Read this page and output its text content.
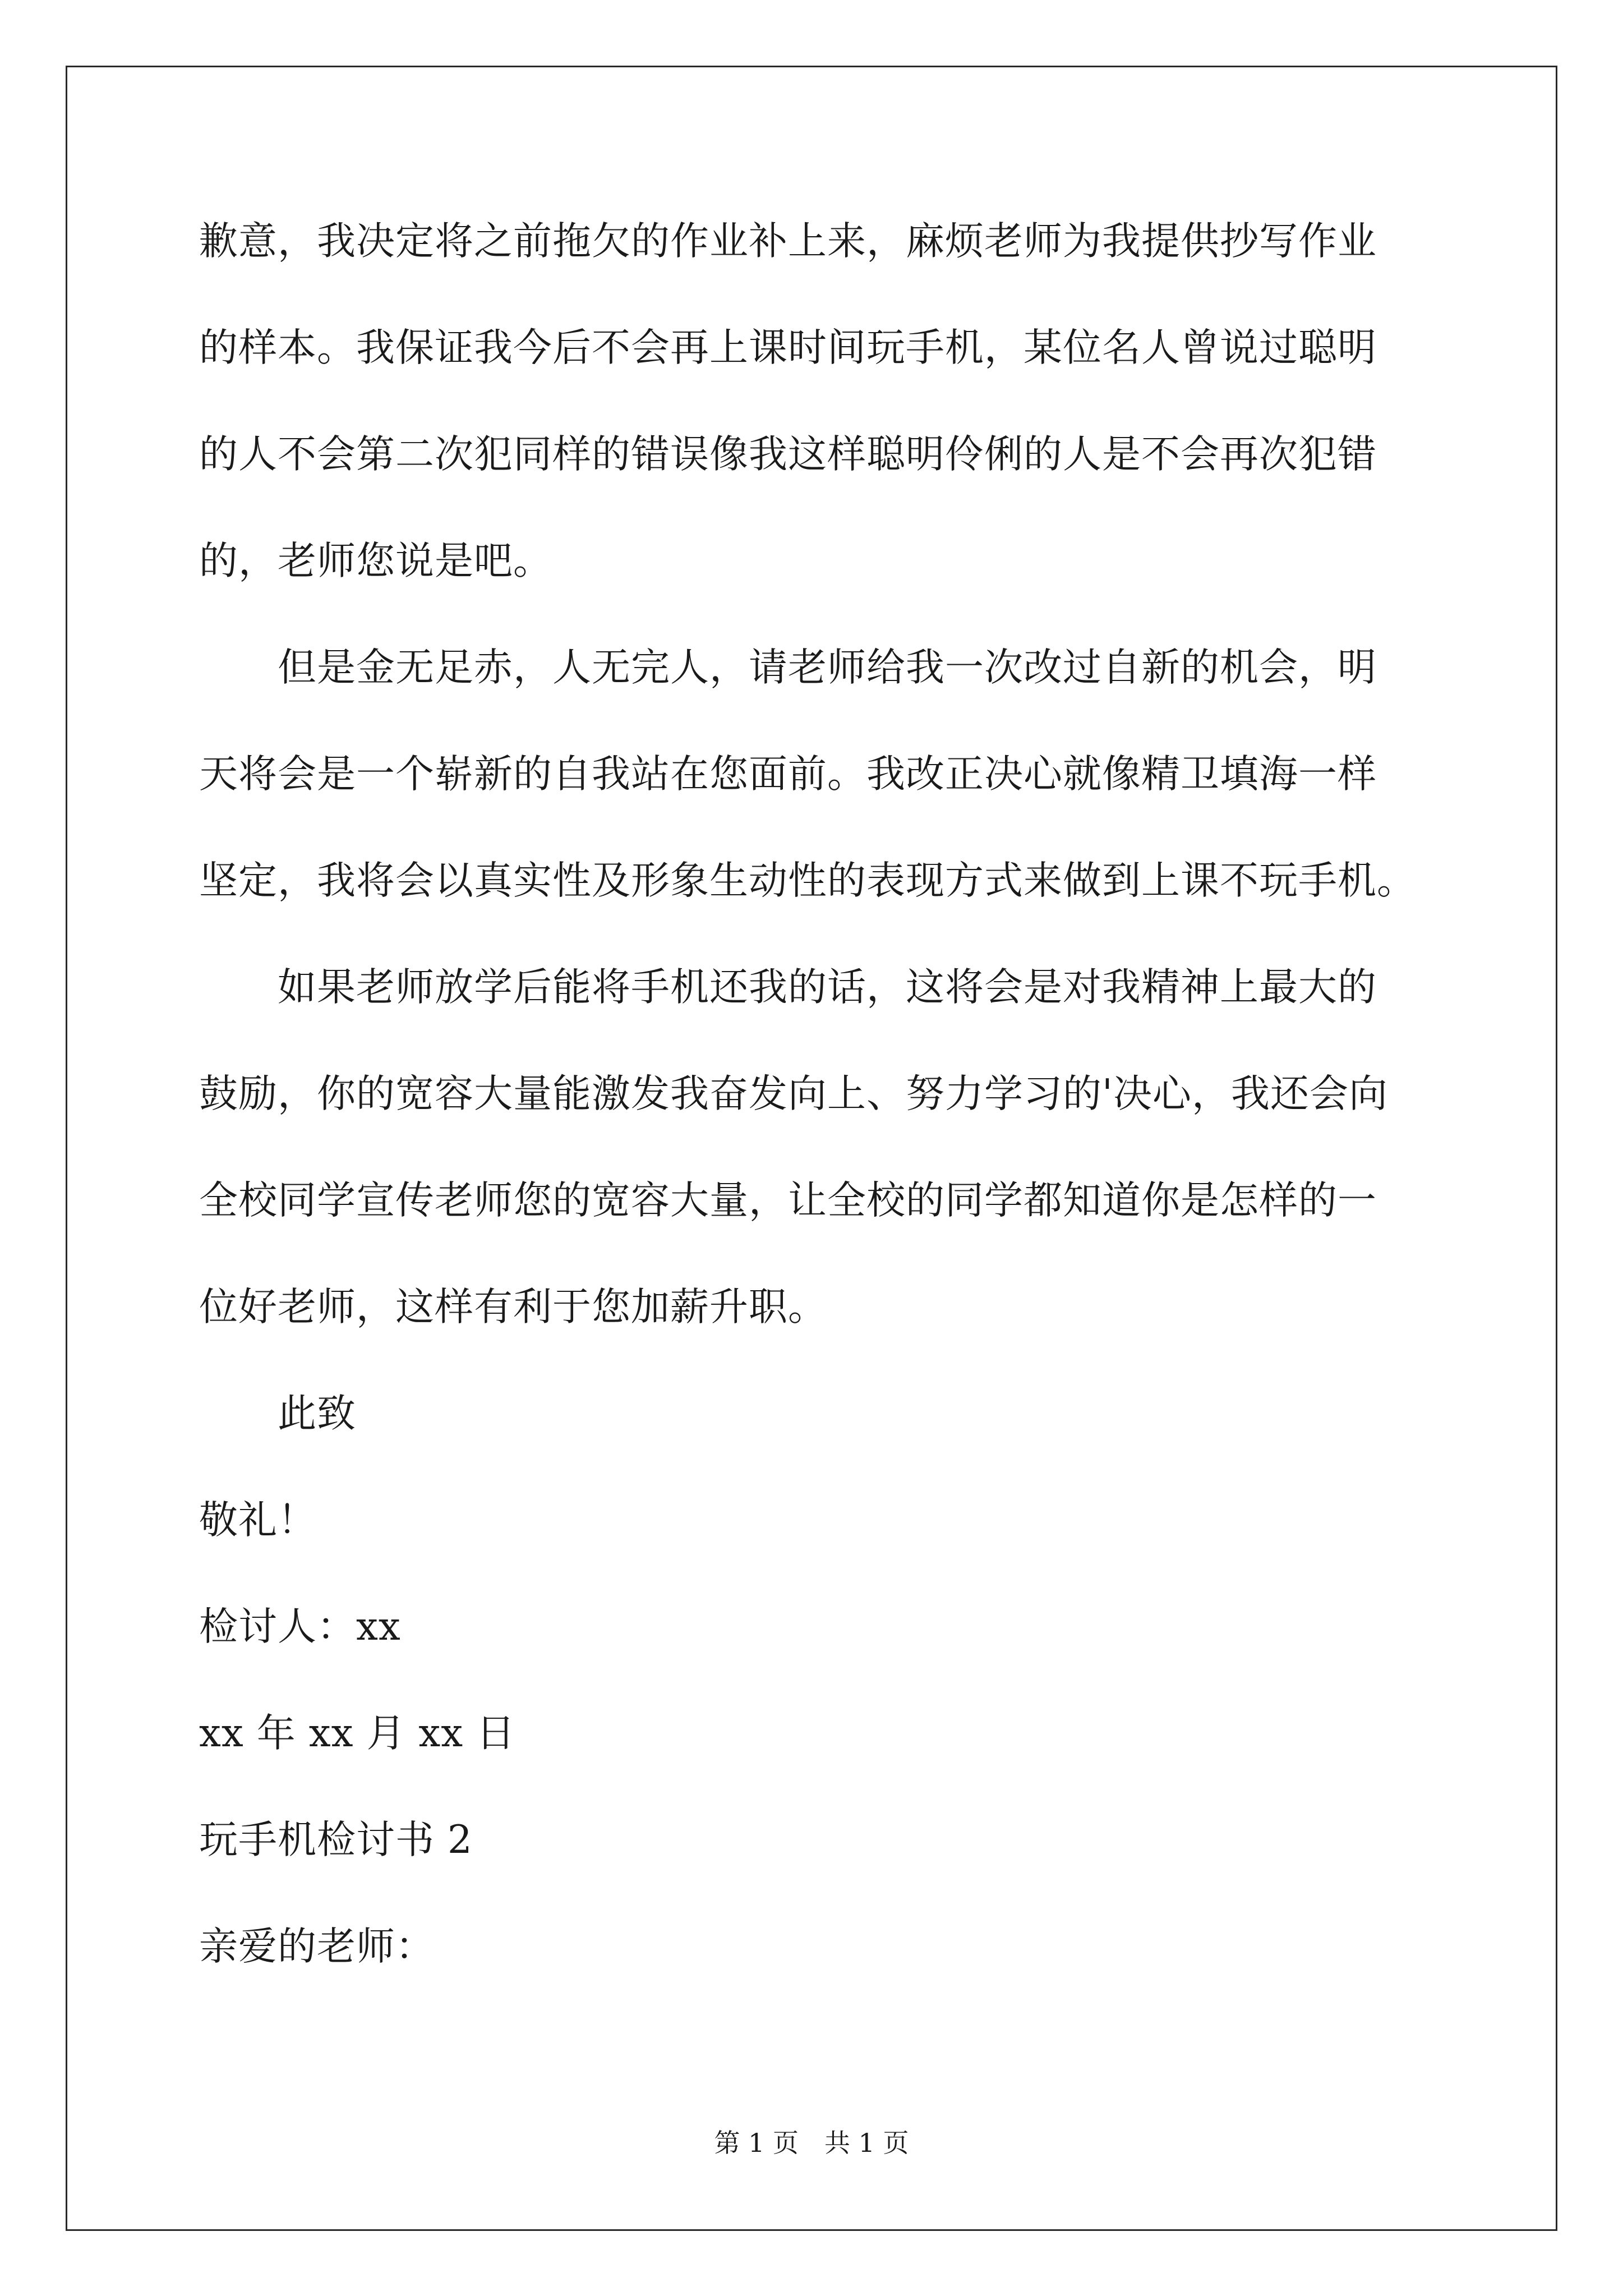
歉意，我决定将之前拖欠的作业补上来，麻烦老师为我提供抄写作业
的样本。我保证我今后不会再上课时间玩手机，某位名人曾说过聪明
的人不会第二次犯同样的错误像我这样聪明伶俐的人是不会再次犯错
的，老师您说是吧。
　　但是金无足赤，人无完人，请老师给我一次改过自新的机会，明
天将会是一个崭新的自我站在您面前。我改正决心就像精卫填海一样
坚定，我将会以真实性及形象生动性的表现方式来做到上课不玩手机。
　　如果老师放学后能将手机还我的话，这将会是对我精神上最大的
鼓励，你的宽容大量能激发我奋发向上、努力学习的'决心，我还会向
全校同学宣传老师您的宽容大量，让全校的同学都知道你是怎样的一
位好老师，这样有利于您加薪升职。
　　此致
敬礼！
检讨人：xx
xx 年 xx 月 xx 日
玩手机检讨书 2
亲爱的老师：
第 1 页　共 1 页
